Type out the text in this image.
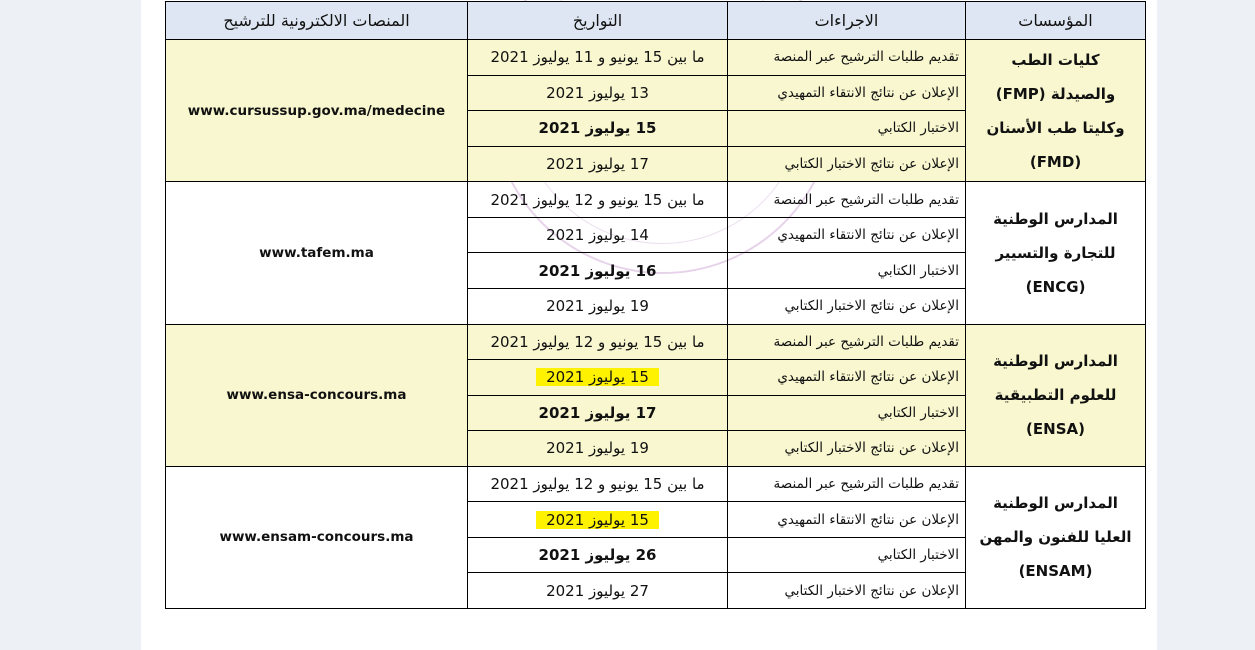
المؤسسات	الاجراءات	التواريخ	المنصات الالكترونية للترشيح

كليات الطب
والصيدلة (FMP)
وكليتا طب الأسنان
(FMD)	تقديم طلبات الترشيح عبر المنصة	ما بين 15 يونيو و 11 يوليوز 2021	www.cursussup.gov.ma/medecine
	الإعلان عن نتائج الانتقاء التمهيدي	13 يوليوز 2021	
	الاختبار الكتابي	15 يوليوز 2021	
	الإعلان عن نتائج الاختبار الكتابي	17 يوليوز 2021	

المدارس الوطنية
للتجارة والتسيير
(ENCG)	تقديم طلبات الترشيح عبر المنصة	ما بين 15 يونيو و 12 يوليوز 2021	www.tafem.ma
	الإعلان عن نتائج الانتقاء التمهيدي	14 يوليوز 2021	
	الاختبار الكتابي	16 يوليوز 2021	
	الإعلان عن نتائج الاختبار الكتابي	19 يوليوز 2021	

المدارس الوطنية
للعلوم التطبيقية
(ENSA)	تقديم طلبات الترشيح عبر المنصة	ما بين 15 يونيو و 12 يوليوز 2021	www.ensa-concours.ma
	الإعلان عن نتائج الانتقاء التمهيدي	15 يوليوز 2021	
	الاختبار الكتابي	17 يوليوز 2021	
	الإعلان عن نتائج الاختبار الكتابي	19 يوليوز 2021	

المدارس الوطنية
العليا للفنون والمهن
(ENSAM)	تقديم طلبات الترشيح عبر المنصة	ما بين 15 يونيو و 12 يوليوز 2021	www.ensam-concours.ma
	الإعلان عن نتائج الانتقاء التمهيدي	15 يوليوز 2021	
	الاختبار الكتابي	26 يوليوز 2021	
	الإعلان عن نتائج الاختبار الكتابي	27 يوليوز 2021	
